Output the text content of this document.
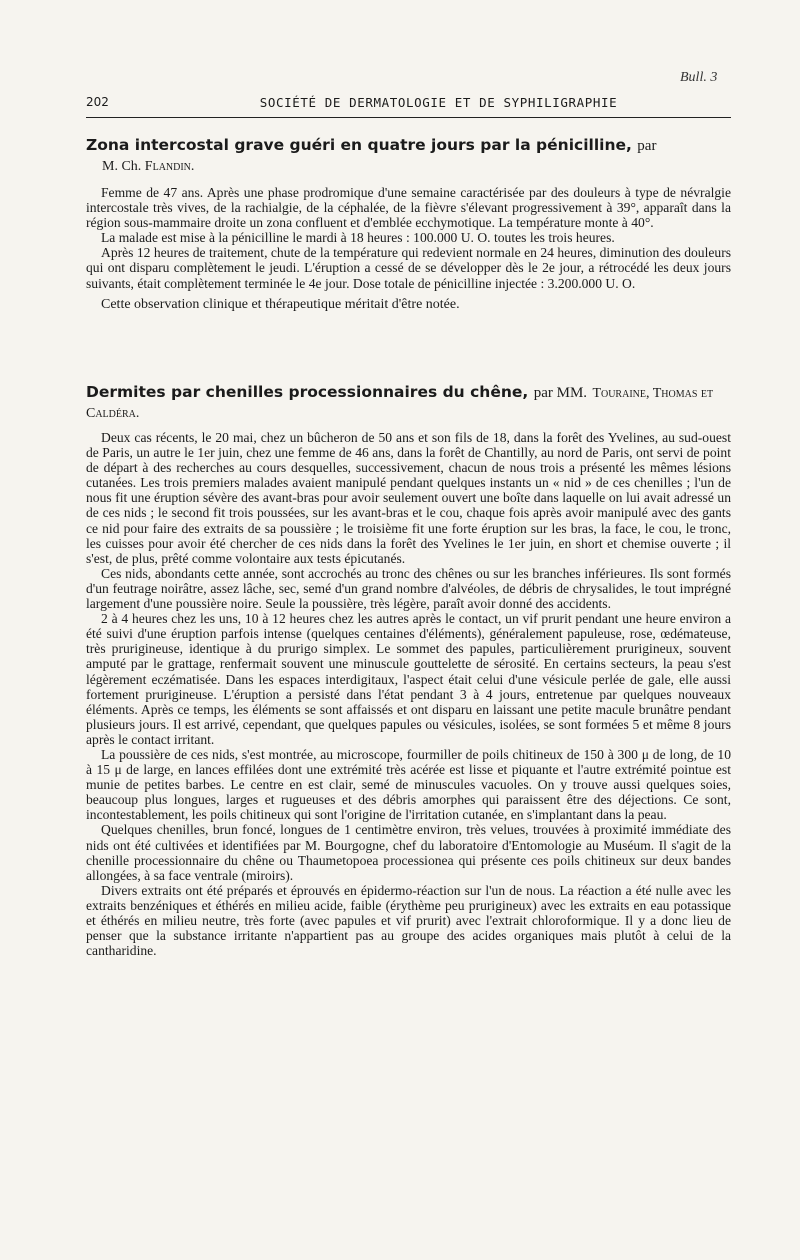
Bull. 3
202	SOCIÉTÉ DE DERMATOLOGIE ET DE SYPHILIGRAPHIE
Zona intercostal grave guéri en quatre jours par la pénicilline, par
M. Ch. Flandin.

Femme de 47 ans. Après une phase prodromique d'une semaine caractérisée par des douleurs à type de névralgie intercostale très vives, de la rachialgie, de la céphalée, de la fièvre s'élevant progressivement à 39°, apparaît dans la région sous-mammaire droite un zona confluent et d'emblée ecchymotique. La température monte à 40°.

La malade est mise à la pénicilline le mardi à 18 heures : 100.000 U. O. toutes les trois heures.

Après 12 heures de traitement, chute de la température qui redevient normale en 24 heures, diminution des douleurs qui ont disparu complètement le jeudi. L'éruption a cessé de se développer dès le 2e jour, a rétrocédé les deux jours suivants, était complètement terminée le 4e jour. Dose totale de pénicilline injectée : 3.200.000 U. O.

Cette observation clinique et thérapeutique méritait d'être notée.

Dermites par chenilles processionnaires du chêne, par MM. Touraine, Thomas et Caldéra.

Deux cas récents, le 20 mai, chez un bûcheron de 50 ans et son fils de 18, dans la forêt des Yvelines, au sud-ouest de Paris, un autre le 1er juin, chez une femme de 46 ans, dans la forêt de Chantilly, au nord de Paris, ont servi de point de départ à des recherches au cours desquelles, successivement, chacun de nous trois a présenté les mêmes lésions cutanées. Les trois premiers malades avaient manipulé pendant quelques instants un « nid » de ces chenilles ; l'un de nous fit une éruption sévère des avant-bras pour avoir seulement ouvert une boîte dans laquelle on lui avait adressé un de ces nids ; le second fit trois poussées, sur les avant-bras et le cou, chaque fois après avoir manipulé avec des gants ce nid pour faire des extraits de sa poussière ; le troisième fit une forte éruption sur les bras, la face, le cou, le tronc, les cuisses pour avoir été chercher de ces nids dans la forêt des Yvelines le 1er juin, en short et chemise ouverte ; il s'est, de plus, prêté comme volontaire aux tests épicutanés.

Ces nids, abondants cette année, sont accrochés au tronc des chênes ou sur les branches inférieures. Ils sont formés d'un feutrage noirâtre, assez lâche, sec, semé d'un grand nombre d'alvéoles, de débris de chrysalides, le tout imprégné largement d'une poussière noire. Seule la poussière, très légère, paraît avoir donné des accidents.

2 à 4 heures chez les uns, 10 à 12 heures chez les autres après le contact, un vif prurit pendant une heure environ a été suivi d'une éruption parfois intense (quelques centaines d'éléments), généralement papuleuse, rose, œdémateuse, très prurigineuse, identique à du prurigo simplex. Le sommet des papules, particulièrement prurigineux, souvent amputé par le grattage, renfermait souvent une minuscule gouttelette de sérosité. En certains secteurs, la peau s'est légèrement eczématisée. Dans les espaces interdigitaux, l'aspect était celui d'une vésicule perlée de gale, elle aussi fortement prurigineuse. L'éruption a persisté dans l'état pendant 3 à 4 jours, entretenue par quelques nouveaux éléments. Après ce temps, les éléments se sont affaissés et ont disparu en laissant une petite macule brunâtre pendant plusieurs jours. Il est arrivé, cependant, que quelques papules ou vésicules, isolées, se sont formées 5 et même 8 jours après le contact irritant.

La poussière de ces nids, s'est montrée, au microscope, fourmiller de poils chitineux de 150 à 300 μ de long, de 10 à 15 μ de large, en lances effilées dont une extrémité très acérée est lisse et piquante et l'autre extrémité pointue est munie de petites barbes. Le centre en est clair, semé de minuscules vacuoles. On y trouve aussi quelques soies, beaucoup plus longues, larges et rugueuses et des débris amorphes qui paraissent être des déjections. Ce sont, incontestablement, les poils chitineux qui sont l'origine de l'irritation cutanée, en s'implantant dans la peau.

Quelques chenilles, brun foncé, longues de 1 centimètre environ, très velues, trouvées à proximité immédiate des nids ont été cultivées et identifiées par M. Bourgogne, chef du laboratoire d'Entomologie au Muséum. Il s'agit de la chenille processionnaire du chêne ou Thaumetopoea processionea qui présente ces poils chitineux sur deux bandes allongées, à sa face ventrale (miroirs).

Divers extraits ont été préparés et éprouvés en épidermo-réaction sur l'un de nous. La réaction a été nulle avec les extraits benzéniques et éthérés en milieu acide, faible (érythème peu prurigineux) avec les extraits en eau potassique et éthérés en milieu neutre, très forte (avec papules et vif prurit) avec l'extrait chloroformique. Il y a donc lieu de penser que la substance irritante n'appartient pas au groupe des acides organiques mais plutôt à celui de la cantharidine.
